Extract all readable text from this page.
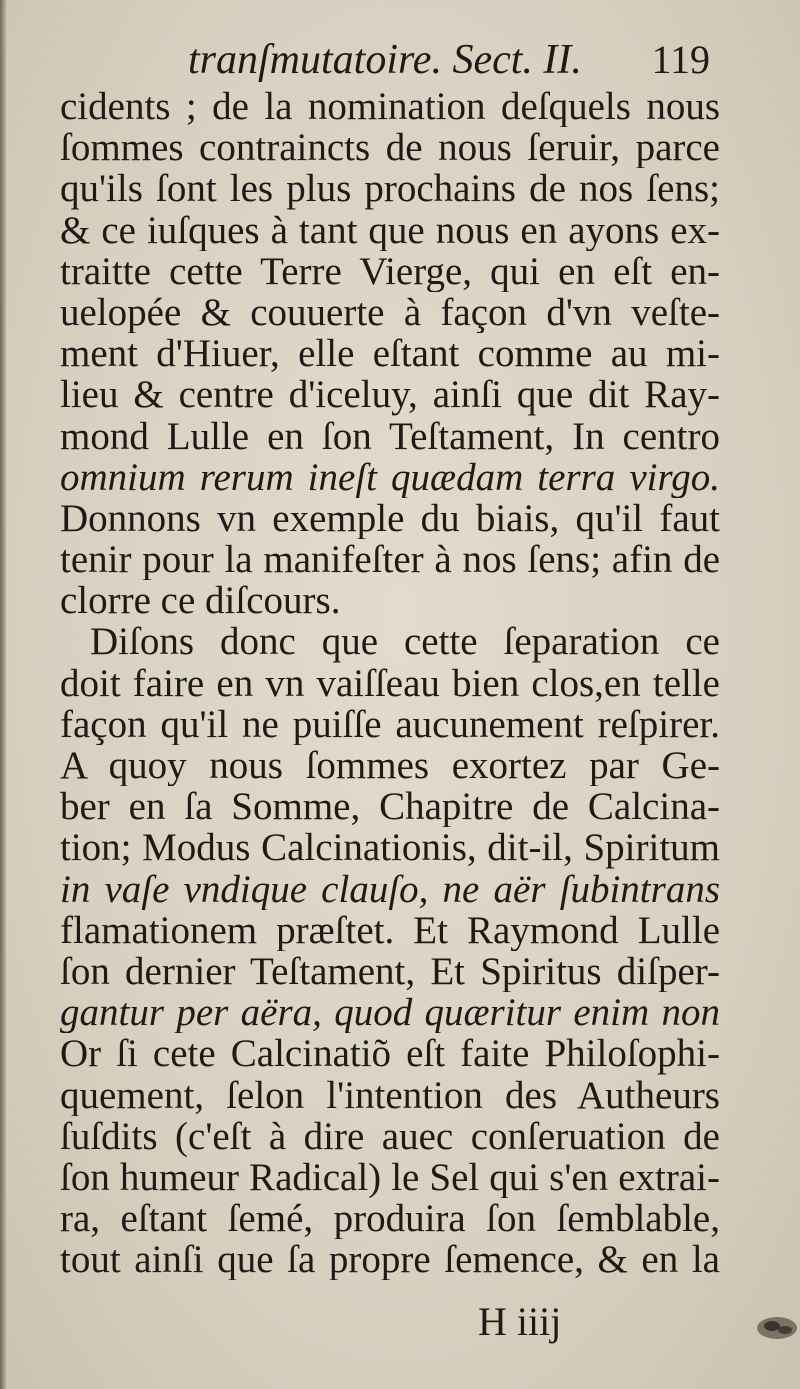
tranſmutatoire. Sect. II. 119
cidents ; de la nomination deſquels nous
ſommes contraincts de nous ſeruir, parce
qu'ils ſont les plus prochains de nos ſens;
& ce iuſques à tant que nous en ayons ex-
traitte cette Terre Vierge, qui en eſt en-
uelopée & couuerte à façon d'vn veſte-
ment d'Hiuer, elle eſtant comme au mi-
lieu & centre d'iceluy, ainſi que dit Ray-
mond Lulle en ſon Teſtament, In centro
omnium rerum ineſt quædam terra virgo.
Donnons vn exemple du biais, qu'il faut
tenir pour la manifeſter à nos ſens; afin de
clorre ce diſcours.
Diſons donc que cette ſeparation ce
doit faire en vn vaiſſeau bien clos,en telle
façon qu'il ne puiſſe aucunement reſpirer.
A quoy nous ſommes exortez par Ge-
ber en ſa Somme, Chapitre de Calcina-
tion; Modus Calcinationis, dit-il, Spiritum
in vaſe vndique clauſo, ne aër ſubintrans
flamationem præſtet. Et Raymond Lulle
ſon dernier Teſtament, Et Spiritus diſper-
gantur per aëra, quod quæritur enim non
Or ſi cete Calcinatiõ eſt faite Philoſophi-
quement, ſelon l'intention des Autheurs
ſuſdits (c'eſt à dire auec conſeruation de
ſon humeur Radical) le Sel qui s'en extrai-
ra, eſtant ſemé, produira ſon ſemblable,
tout ainſi que ſa propre ſemence, & en la
H iiij
